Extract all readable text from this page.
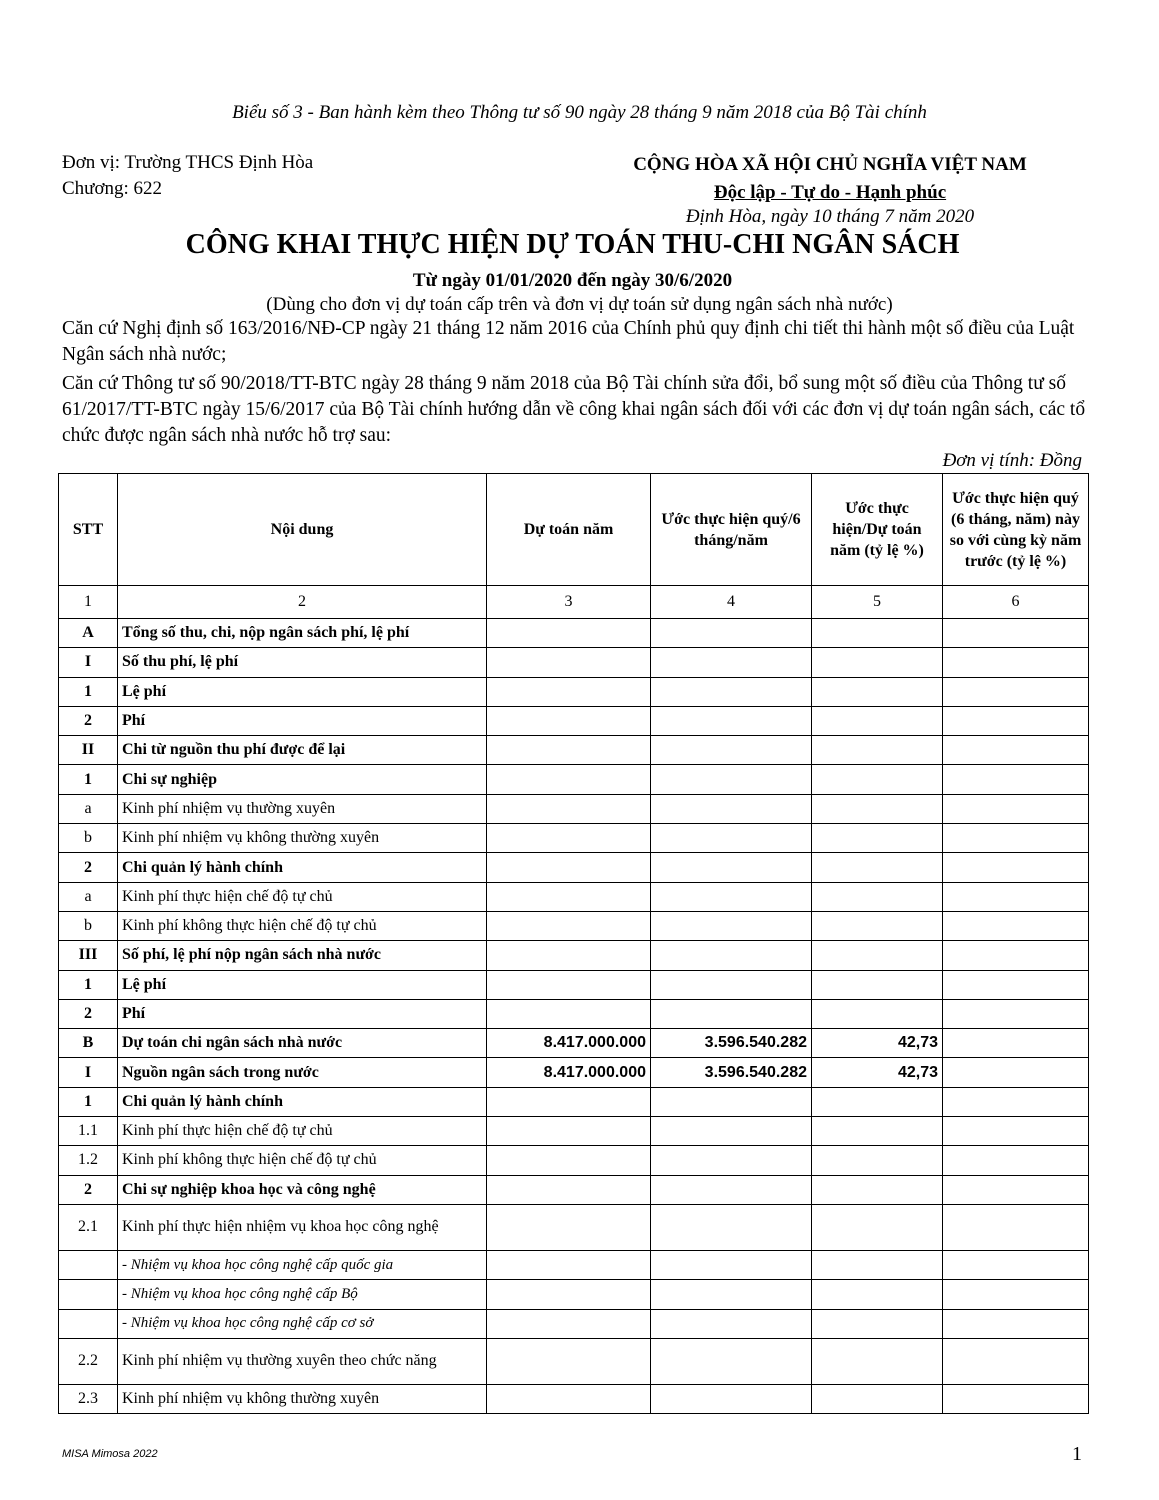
Biểu số 3 - Ban hành kèm theo Thông tư số 90 ngày 28 tháng 9 năm 2018 của Bộ Tài chính
Đơn vị: Trường THCS Định Hòa
Chương: 622
CỘNG HÒA XÃ HỘI CHỦ NGHĨA VIỆT NAM
Độc lập - Tự do - Hạnh phúc
Định Hòa, ngày 10 tháng 7 năm 2020
CÔNG KHAI THỰC HIỆN DỰ TOÁN THU-CHI NGÂN SÁCH
Từ ngày 01/01/2020 đến ngày 30/6/2020
(Dùng cho đơn vị dự toán cấp trên và đơn vị dự toán sử dụng ngân sách nhà nước)
Căn cứ Nghị định số 163/2016/NĐ-CP ngày 21 tháng 12 năm 2016 của Chính phủ quy định chi tiết thi hành một số điều của Luật Ngân sách nhà nước;
Căn cứ Thông tư số 90/2018/TT-BTC ngày 28 tháng 9 năm 2018 của Bộ Tài chính sửa đổi, bổ sung một số điều của Thông tư số 61/2017/TT-BTC ngày 15/6/2017 của Bộ Tài chính hướng dẫn về công khai ngân sách đối với các đơn vị dự toán ngân sách, các tổ chức được ngân sách nhà nước hỗ trợ sau:
Đơn vị tính: Đồng
STT	Nội dung	Dự toán năm	Ước thực hiện quý/6 tháng/năm	Ước thực hiện/Dự toán năm (tỷ lệ %)	Ước thực hiện quý (6 tháng, năm) này so với cùng kỳ năm trước (tỷ lệ %)
1	2	3	4	5	6
A	Tổng số thu, chi, nộp ngân sách phí, lệ phí				
I	Số thu phí, lệ phí				
1	Lệ phí				
2	Phí				
II	Chi từ nguồn thu phí được để lại				
1	Chi sự nghiệp				
a	Kinh phí nhiệm vụ thường xuyên				
b	Kinh phí nhiệm vụ không thường xuyên				
2	Chi quản lý hành chính				
a	Kinh phí thực hiện chế độ tự chủ				
b	Kinh phí không thực hiện chế độ tự chủ				
III	Số phí, lệ phí nộp ngân sách nhà nước				
1	Lệ phí				
2	Phí				
B	Dự toán chi ngân sách nhà nước	8.417.000.000	3.596.540.282	42,73	
I	Nguồn ngân sách trong nước	8.417.000.000	3.596.540.282	42,73	
1	Chi quản lý hành chính				
1.1	Kinh phí thực hiện chế độ tự chủ				
1.2	Kinh phí không thực hiện chế độ tự chủ				
2	Chi sự nghiệp khoa học và công nghệ				
2.1	Kinh phí thực hiện nhiệm vụ khoa học công nghệ				
	- Nhiệm vụ khoa học công nghệ cấp quốc gia				
	- Nhiệm vụ khoa học công nghệ cấp Bộ				
	- Nhiệm vụ khoa học công nghệ cấp cơ sở				
2.2	Kinh phí nhiệm vụ thường xuyên theo chức năng				
2.3	Kinh phí nhiệm vụ không thường xuyên				
MISA Mimosa 2022	1
